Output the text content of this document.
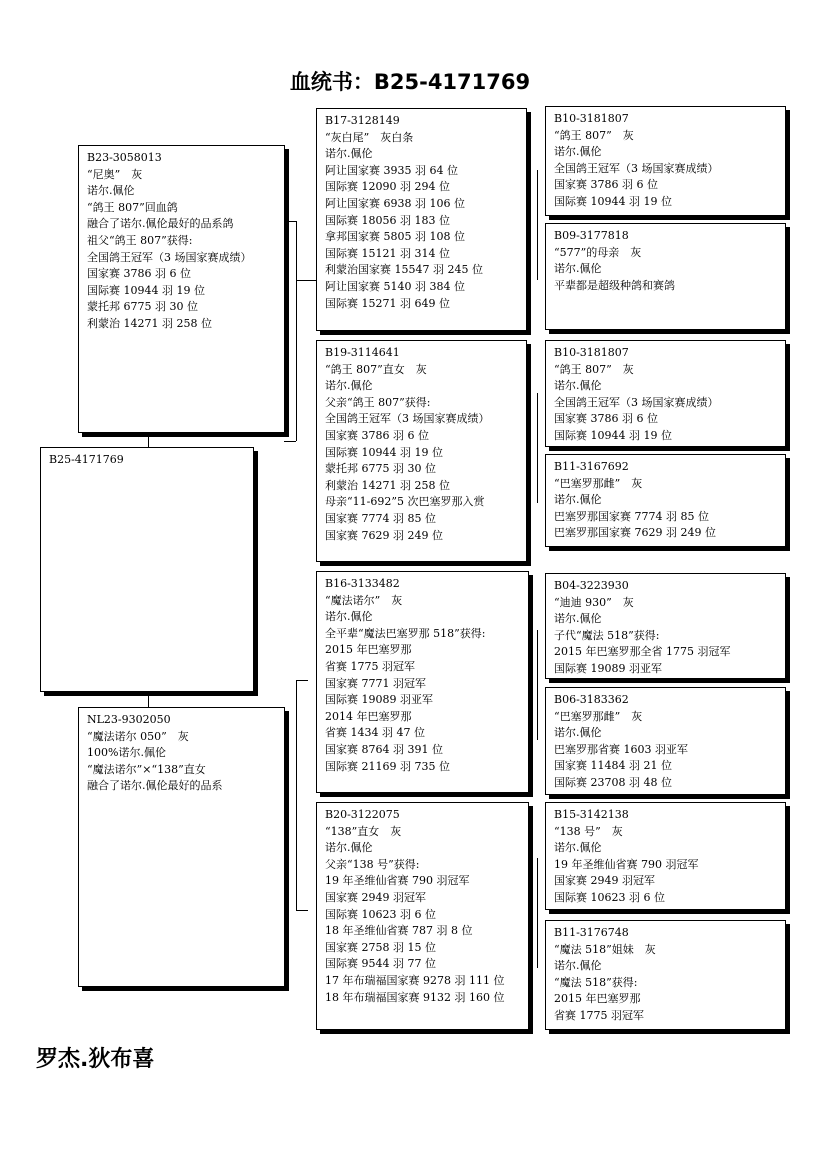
血统书：B25-4171769
B23-3058013
“尼奥”　灰
诺尔.佩伦
“鸽王 807”回血鸽
融合了诺尔.佩伦最好的品系鸽
祖父“鸽王 807”获得:
全国鸽王冠军（3 场国家赛成绩）
国家赛 3786 羽 6 位
国际赛 10944 羽 19 位
蒙托邦 6775 羽 30 位
利蒙治 14271 羽 258 位
B25-4171769
NL23-9302050
“魔法诺尔 050”　灰
100%诺尔.佩伦
“魔法诺尔”×“138”直女
融合了诺尔.佩伦最好的品系
B17-3128149
“灰白尾”　灰白条
诺尔.佩伦
阿让国家赛 3935 羽 64 位
国际赛 12090 羽 294 位
阿让国家赛 6938 羽 106 位
国际赛 18056 羽 183 位
拿邦国家赛 5805 羽 108 位
国际赛 15121 羽 314 位
利蒙治国家赛 15547 羽 245 位
阿让国家赛 5140 羽 384 位
国际赛 15271 羽 649 位
B19-3114641
“鸽王 807”直女　灰
诺尔.佩伦
父亲“鸽王 807”获得:
全国鸽王冠军（3 场国家赛成绩）
国家赛 3786 羽 6 位
国际赛 10944 羽 19 位
蒙托邦 6775 羽 30 位
利蒙治 14271 羽 258 位
母亲“11-692”5 次巴塞罗那入赏
国家赛 7774 羽 85 位
国家赛 7629 羽 249 位
B16-3133482
“魔法诺尔”　灰
诺尔.佩伦
全平辈“魔法巴塞罗那 518”获得:
2015 年巴塞罗那
省赛 1775 羽冠军
国家赛 7771 羽冠军
国际赛 19089 羽亚军
2014 年巴塞罗那
省赛 1434 羽 47 位
国家赛 8764 羽 391 位
国际赛 21169 羽 735 位
B20-3122075
“138”直女　灰
诺尔.佩伦
父亲“138 号”获得:
19 年圣维仙省赛 790 羽冠军
国家赛 2949 羽冠军
国际赛 10623 羽 6 位
18 年圣维仙省赛 787 羽 8 位
国家赛 2758 羽 15 位
国际赛 9544 羽 77 位
17 年布瑞福国家赛 9278 羽 111 位
18 年布瑞福国家赛 9132 羽 160 位
B10-3181807
“鸽王 807”　灰
诺尔.佩伦
全国鸽王冠军（3 场国家赛成绩）
国家赛 3786 羽 6 位
国际赛 10944 羽 19 位
B09-3177818
“577”的母亲　灰
诺尔.佩伦
平辈都是超级种鸽和赛鸽
B10-3181807
“鸽王 807”　灰
诺尔.佩伦
全国鸽王冠军（3 场国家赛成绩）
国家赛 3786 羽 6 位
国际赛 10944 羽 19 位
B11-3167692
“巴塞罗那雌”　灰
诺尔.佩伦
巴塞罗那国家赛 7774 羽 85 位
巴塞罗那国家赛 7629 羽 249 位
B04-3223930
“迪迪 930”　灰
诺尔.佩伦
子代“魔法 518”获得:
2015 年巴塞罗那全省 1775 羽冠军
国际赛 19089 羽亚军
B06-3183362
“巴塞罗那雌”　灰
诺尔.佩伦
巴塞罗那省赛 1603 羽亚军
国家赛 11484 羽 21 位
国际赛 23708 羽 48 位
B15-3142138
“138 号”　灰
诺尔.佩伦
19 年圣维仙省赛 790 羽冠军
国家赛 2949 羽冠军
国际赛 10623 羽 6 位
B11-3176748
“魔法 518”姐妹　灰
诺尔.佩伦
“魔法 518”获得:
2015 年巴塞罗那
省赛 1775 羽冠军
罗杰.狄布喜
